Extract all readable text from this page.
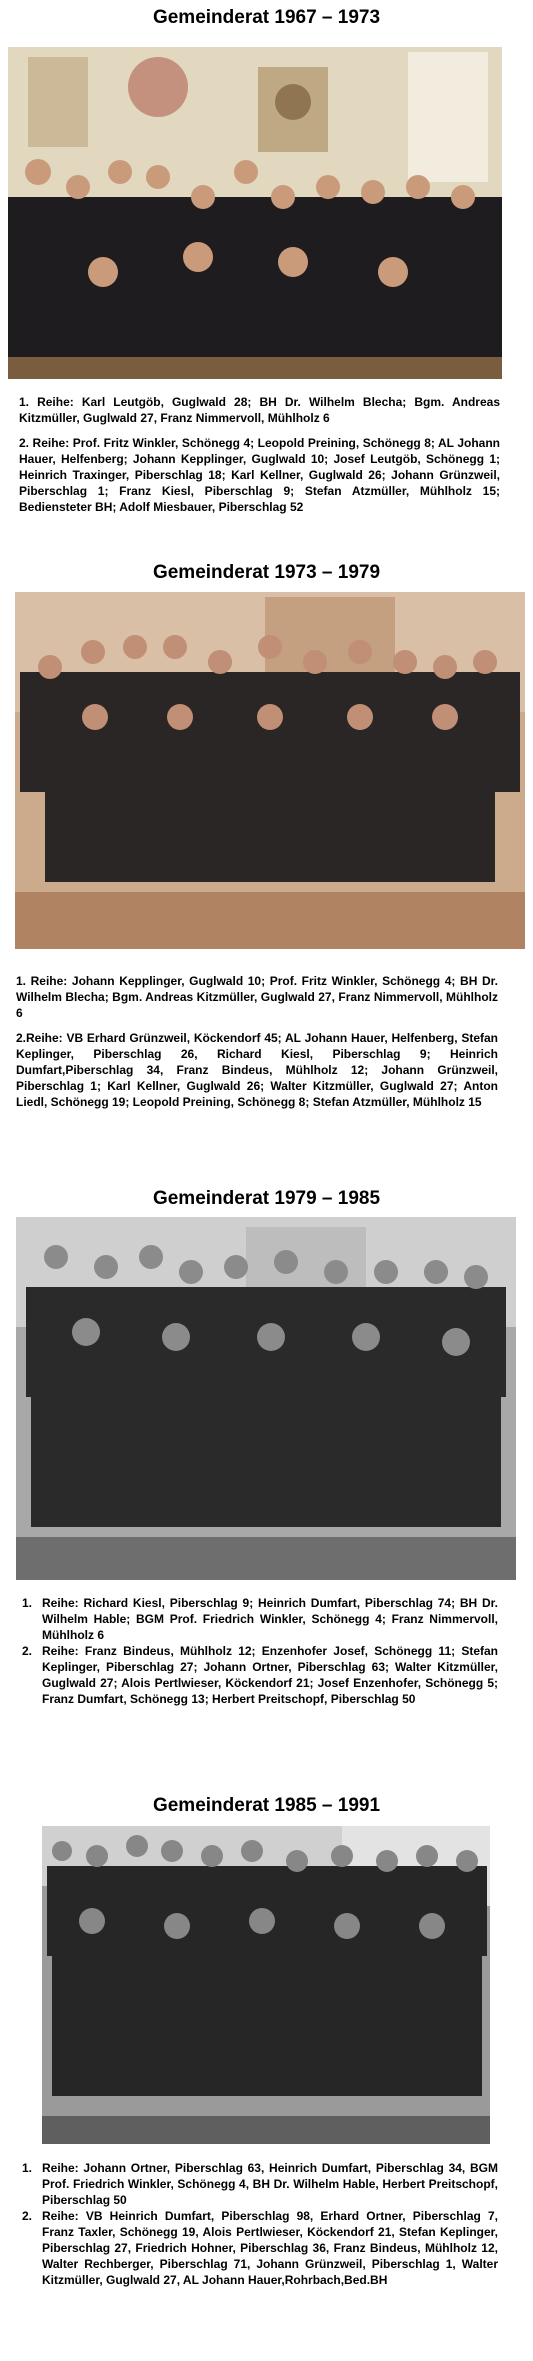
Gemeinderat 1967 – 1973

1. Reihe: Karl Leutgöb, Guglwald 28; BH Dr. Wilhelm Blecha; Bgm. Andreas Kitzmüller, Guglwald 27, Franz Nimmervoll, Mühlholz 6

2. Reihe: Prof. Fritz Winkler, Schönegg 4; Leopold Preining, Schönegg 8; AL Johann Hauer, Helfenberg; Johann Kepplinger, Guglwald 10; Josef Leutgöb, Schönegg 1; Heinrich Traxinger, Piberschlag 18; Karl Kellner, Guglwald 26; Johann Grünzweil, Piberschlag 1; Franz Kiesl, Piberschlag 9; Stefan Atzmüller, Mühlholz 15; Bediensteter BH; Adolf Miesbauer, Piberschlag 52

Gemeinderat 1973 – 1979

1. Reihe: Johann Kepplinger, Guglwald 10; Prof. Fritz Winkler, Schönegg 4; BH Dr. Wilhelm Blecha; Bgm. Andreas Kitzmüller, Guglwald 27, Franz Nimmervoll, Mühlholz 6

2.Reihe: VB Erhard Grünzweil, Köckendorf 45; AL Johann Hauer, Helfenberg, Stefan Keplinger, Piberschlag 26, Richard Kiesl, Piberschlag 9; Heinrich Dumfart,Piberschlag 34, Franz Bindeus, Mühlholz 12; Johann Grünzweil, Piberschlag 1; Karl Kellner, Guglwald 26; Walter Kitzmüller, Guglwald 27; Anton Liedl, Schönegg 19; Leopold Preining, Schönegg 8; Stefan Atzmüller, Mühlholz 15

Gemeinderat 1979 – 1985
1. Reihe: Richard Kiesl, Piberschlag 9; Heinrich Dumfart, Piberschlag 74; BH Dr. Wilhelm Hable; BGM Prof. Friedrich Winkler, Schönegg 4; Franz Nimmervoll, Mühlholz 6
2. Reihe: Franz Bindeus, Mühlholz 12; Enzenhofer Josef, Schönegg 11; Stefan Keplinger, Piberschlag 27; Johann Ortner, Piberschlag 63; Walter Kitzmüller, Guglwald 27; Alois Pertlwieser, Köckendorf 21; Josef Enzenhofer, Schönegg 5; Franz Dumfart, Schönegg 13; Herbert Preitschopf, Piberschlag 50
Gemeinderat 1985 – 1991
1. Reihe: Johann Ortner, Piberschlag 63, Heinrich Dumfart, Piberschlag 34, BGM Prof. Friedrich Winkler, Schönegg 4, BH Dr. Wilhelm Hable, Herbert Preitschopf, Piberschlag 50
2. Reihe: VB Heinrich Dumfart, Piberschlag 98, Erhard Ortner, Piberschlag 7, Franz Taxler, Schönegg 19, Alois Pertlwieser, Köckendorf 21, Stefan Keplinger, Piberschlag 27, Friedrich Hohner, Piberschlag 36, Franz Bindeus, Mühlholz 12, Walter Rechberger, Piberschlag 71, Johann Grünzweil, Piberschlag 1, Walter Kitzmüller, Guglwald 27, AL Johann Hauer,Rohrbach,Bed.BH
